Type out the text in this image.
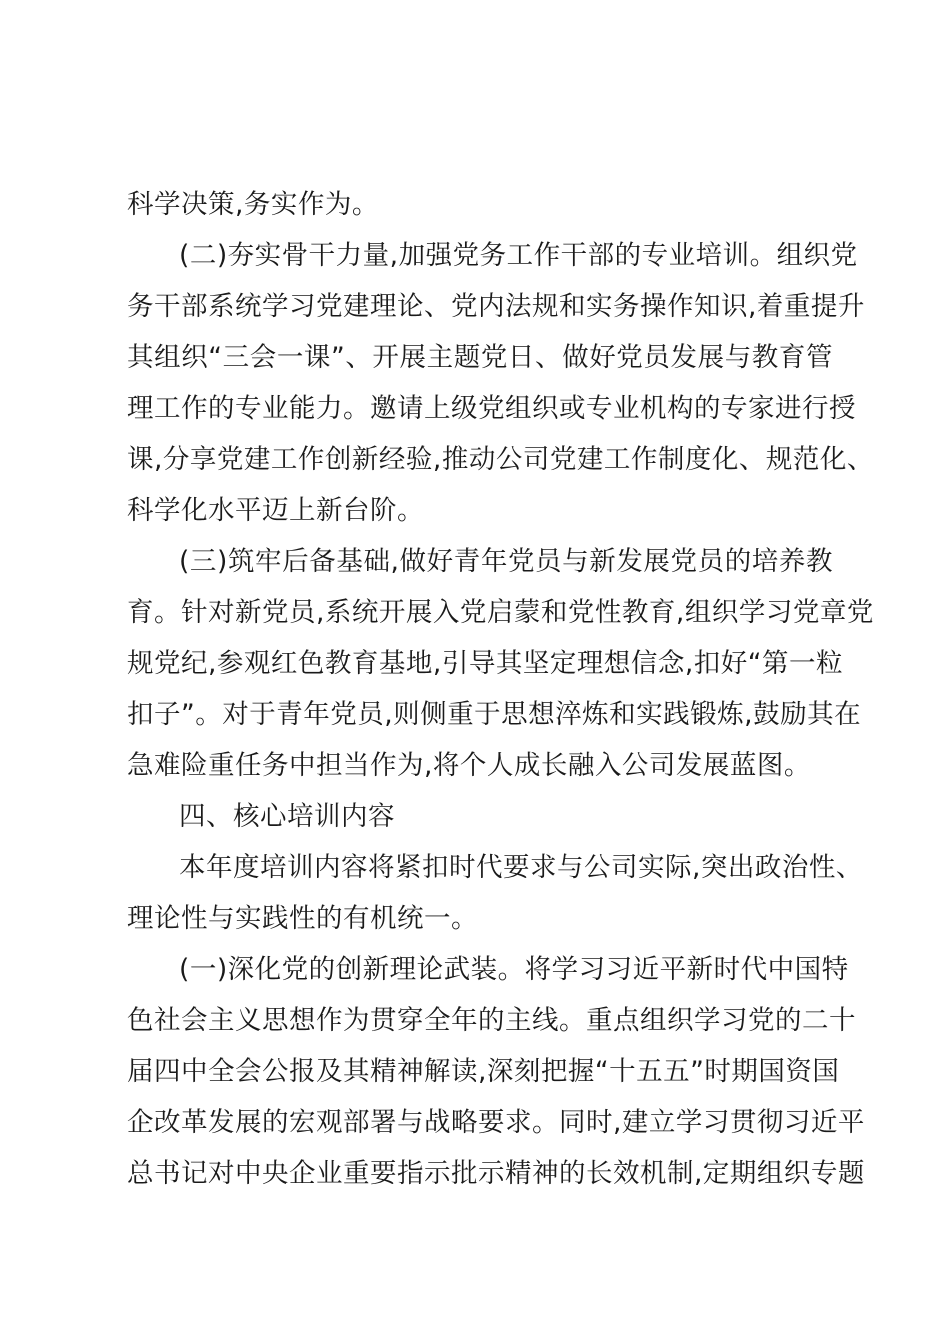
科学决策,务实作为。
(二)夯实骨干力量,加强党务工作干部的专业培训。组织党
务干部系统学习党建理论、党内法规和实务操作知识,着重提升
其组织“三会一课”、开展主题党日、做好党员发展与教育管
理工作的专业能力。邀请上级党组织或专业机构的专家进行授
课,分享党建工作创新经验,推动公司党建工作制度化、规范化、
科学化水平迈上新台阶。
(三)筑牢后备基础,做好青年党员与新发展党员的培养教
育。针对新党员,系统开展入党启蒙和党性教育,组织学习党章党
规党纪,参观红色教育基地,引导其坚定理想信念,扣好“第一粒
扣子”。对于青年党员,则侧重于思想淬炼和实践锻炼,鼓励其在
急难险重任务中担当作为,将个人成长融入公司发展蓝图。
四、核心培训内容
本年度培训内容将紧扣时代要求与公司实际,突出政治性、
理论性与实践性的有机统一。
(一)深化党的创新理论武装。将学习习近平新时代中国特
色社会主义思想作为贯穿全年的主线。重点组织学习党的二十
届四中全会公报及其精神解读,深刻把握“十五五”时期国资国
企改革发展的宏观部署与战略要求。同时,建立学习贯彻习近平
总书记对中央企业重要指示批示精神的长效机制,定期组织专题
